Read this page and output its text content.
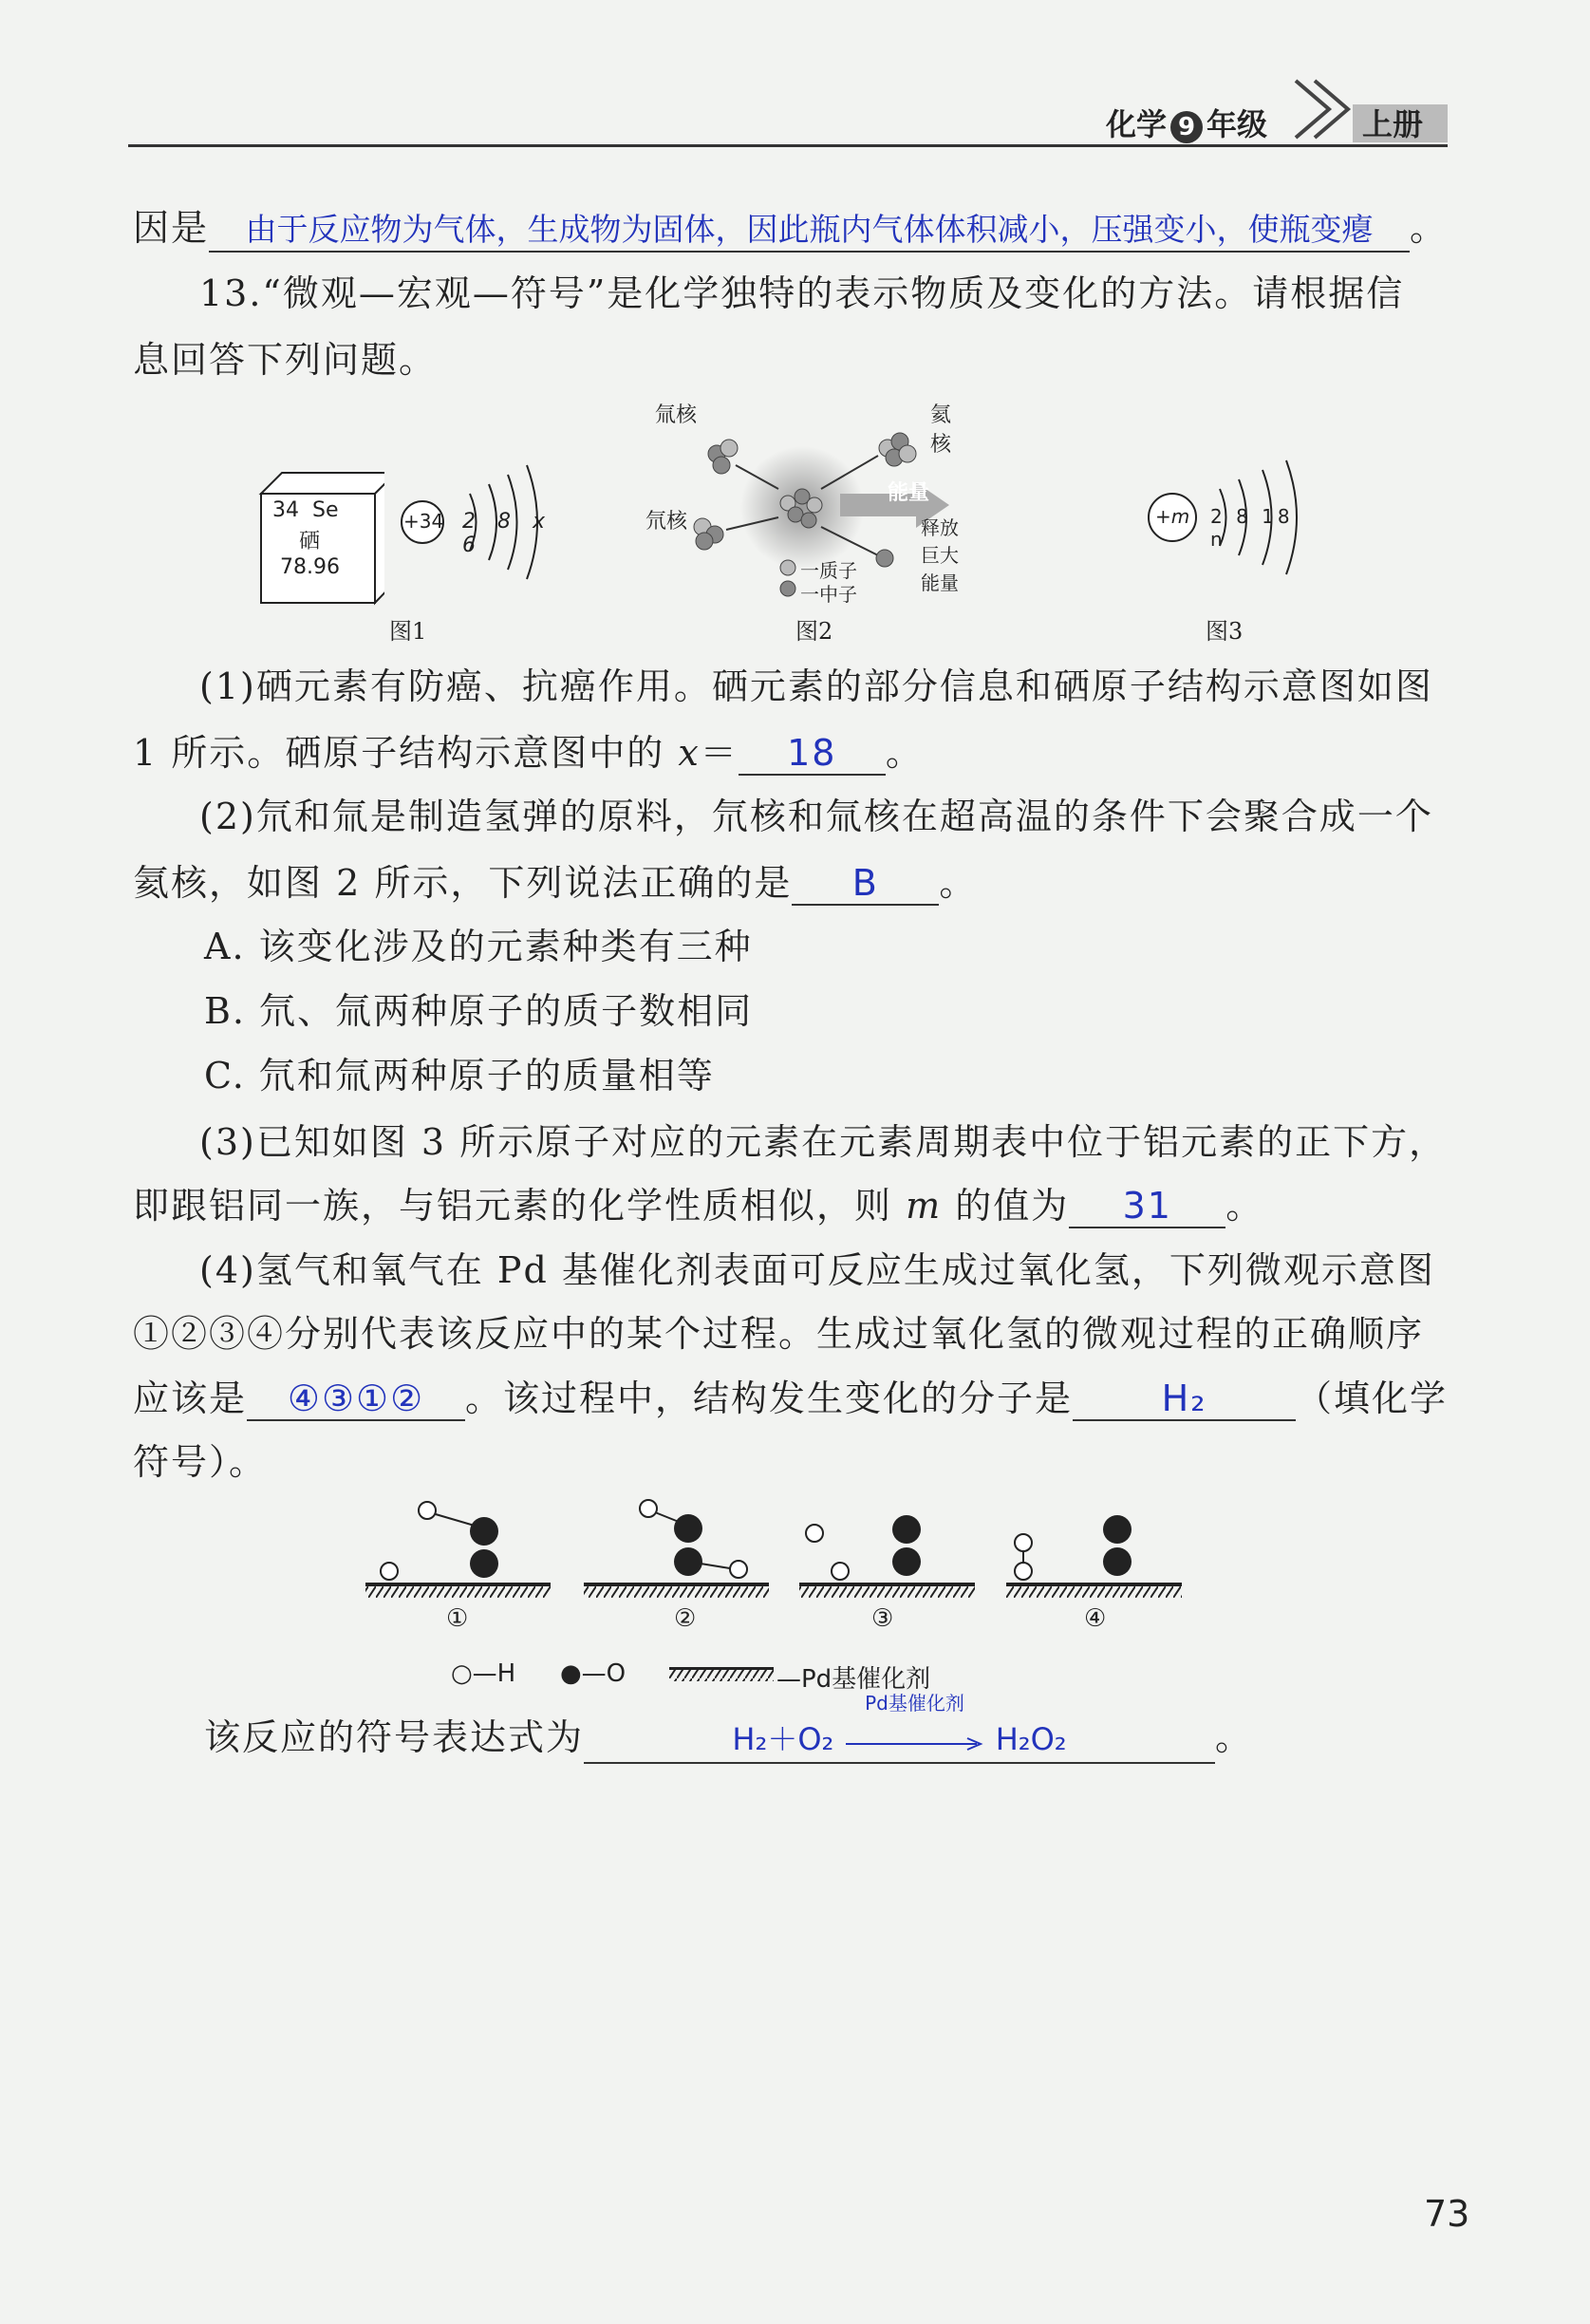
化学 9 年级	上册
因是 由于反应物为气体，生成物为固体，因此瓶内气体体积减小，压强变小，使瓶变瘪 。
13.“微观—宏观—符号”是化学独特的表示物质及变化的方法。请根据信
息回答下列问题。
34 Se
硒
78.96
+34 2 8 x 6
图1
氚核
氘核
氦核
能量
释放巨大能量
一质子
一中子
图2
+m 2 8 18 n
图3
(1)硒元素有防癌、抗癌作用。硒元素的部分信息和硒原子结构示意图如图
1 所示。硒原子结构示意图中的 x＝ 18 。
(2)氘和氚是制造氢弹的原料，氘核和氚核在超高温的条件下会聚合成一个
氦核，如图 2 所示，下列说法正确的是 B 。
A. 该变化涉及的元素种类有三种
B. 氘、氚两种原子的质子数相同
C. 氘和氚两种原子的质量相等
(3)已知如图 3 所示原子对应的元素在元素周期表中位于铝元素的正下方，
即跟铝同一族，与铝元素的化学性质相似，则 m 的值为 31 。
(4)氢气和氧气在 Pd 基催化剂表面可反应生成过氧化氢，下列微观示意图
①②③④分别代表该反应中的某个过程。生成过氧化氢的微观过程的正确顺序
应该是 ④③①② 。该过程中，结构发生变化的分子是 H₂ （填化学
符号）。
①	②	③	④
○—H ●—O	—Pd基催化剂
该反应的符号表达式为	H₂＋O₂
Pd基催化剂
H₂O₂	。
73
